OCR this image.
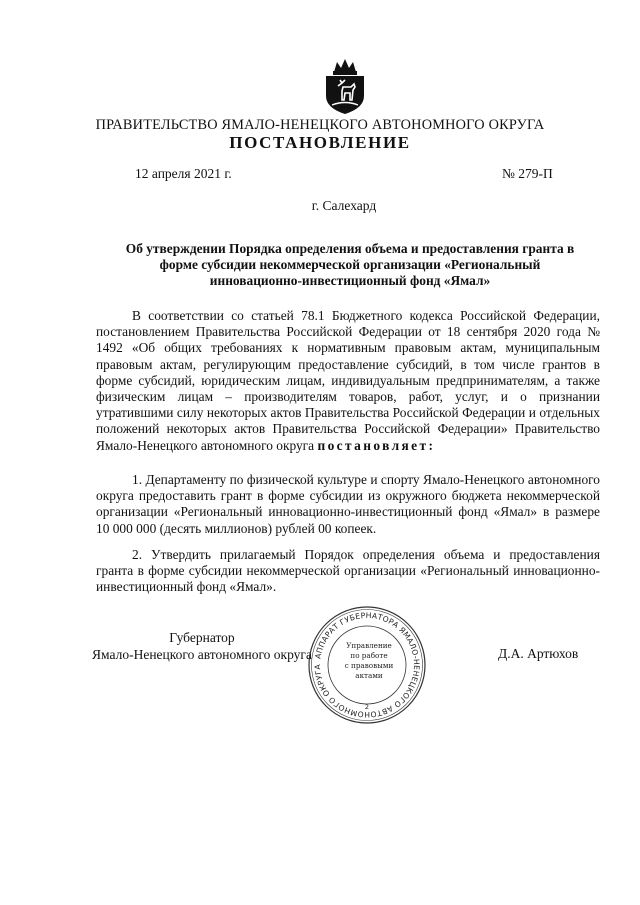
ПРАВИТЕЛЬСТВО ЯМАЛО-НЕНЕЦКОГО АВТОНОМНОГО ОКРУГА
ПОСТАНОВЛЕНИЕ
12 апреля 2021 г.	№ 279-П
г. Салехард
Об утверждении Порядка определения объема и предоставления гранта в форме субсидии некоммерческой организации «Региональный инновационно-инвестиционный фонд «Ямал»

В соответствии со статьей 78.1 Бюджетного кодекса Российской Федерации, постановлением Правительства Российской Федерации от 18 сентября 2020 года № 1492 «Об общих требованиях к нормативным правовым актам, муниципальным правовым актам, регулирующим предоставление субсидий, в том числе грантов в форме субсидий, юридическим лицам, индивидуальным предпринимателям, а также физическим лицам – производителям товаров, работ, услуг, и о признании утратившими силу некоторых актов Правительства Российской Федерации и отдельных положений некоторых актов Правительства Российской Федерации» Правительство Ямало-Ненецкого автономного округа постановляет:

1. Департаменту по физической культуре и спорту Ямало-Ненецкого автономного округа предоставить грант в форме субсидии из окружного бюджета некоммерческой организации «Региональный инновационно-инвестиционный фонд «Ямал» в размере 10 000 000 (десять миллионов) рублей 00 копеек.

2. Утвердить прилагаемый Порядок определения объема и предоставления гранта в форме субсидии некоммерческой организации «Региональный инновационно-инвестиционный фонд «Ямал».

Губернатор
Ямало-Ненецкого автономного округа	Д.А. Артюхов
АППАРАТ ГУБЕРНАТОРА ЯМАЛО-НЕНЕЦКОГО АВТОНОМНОГО ОКРУГА
Управление
по работе
с правовыми
актами
2
